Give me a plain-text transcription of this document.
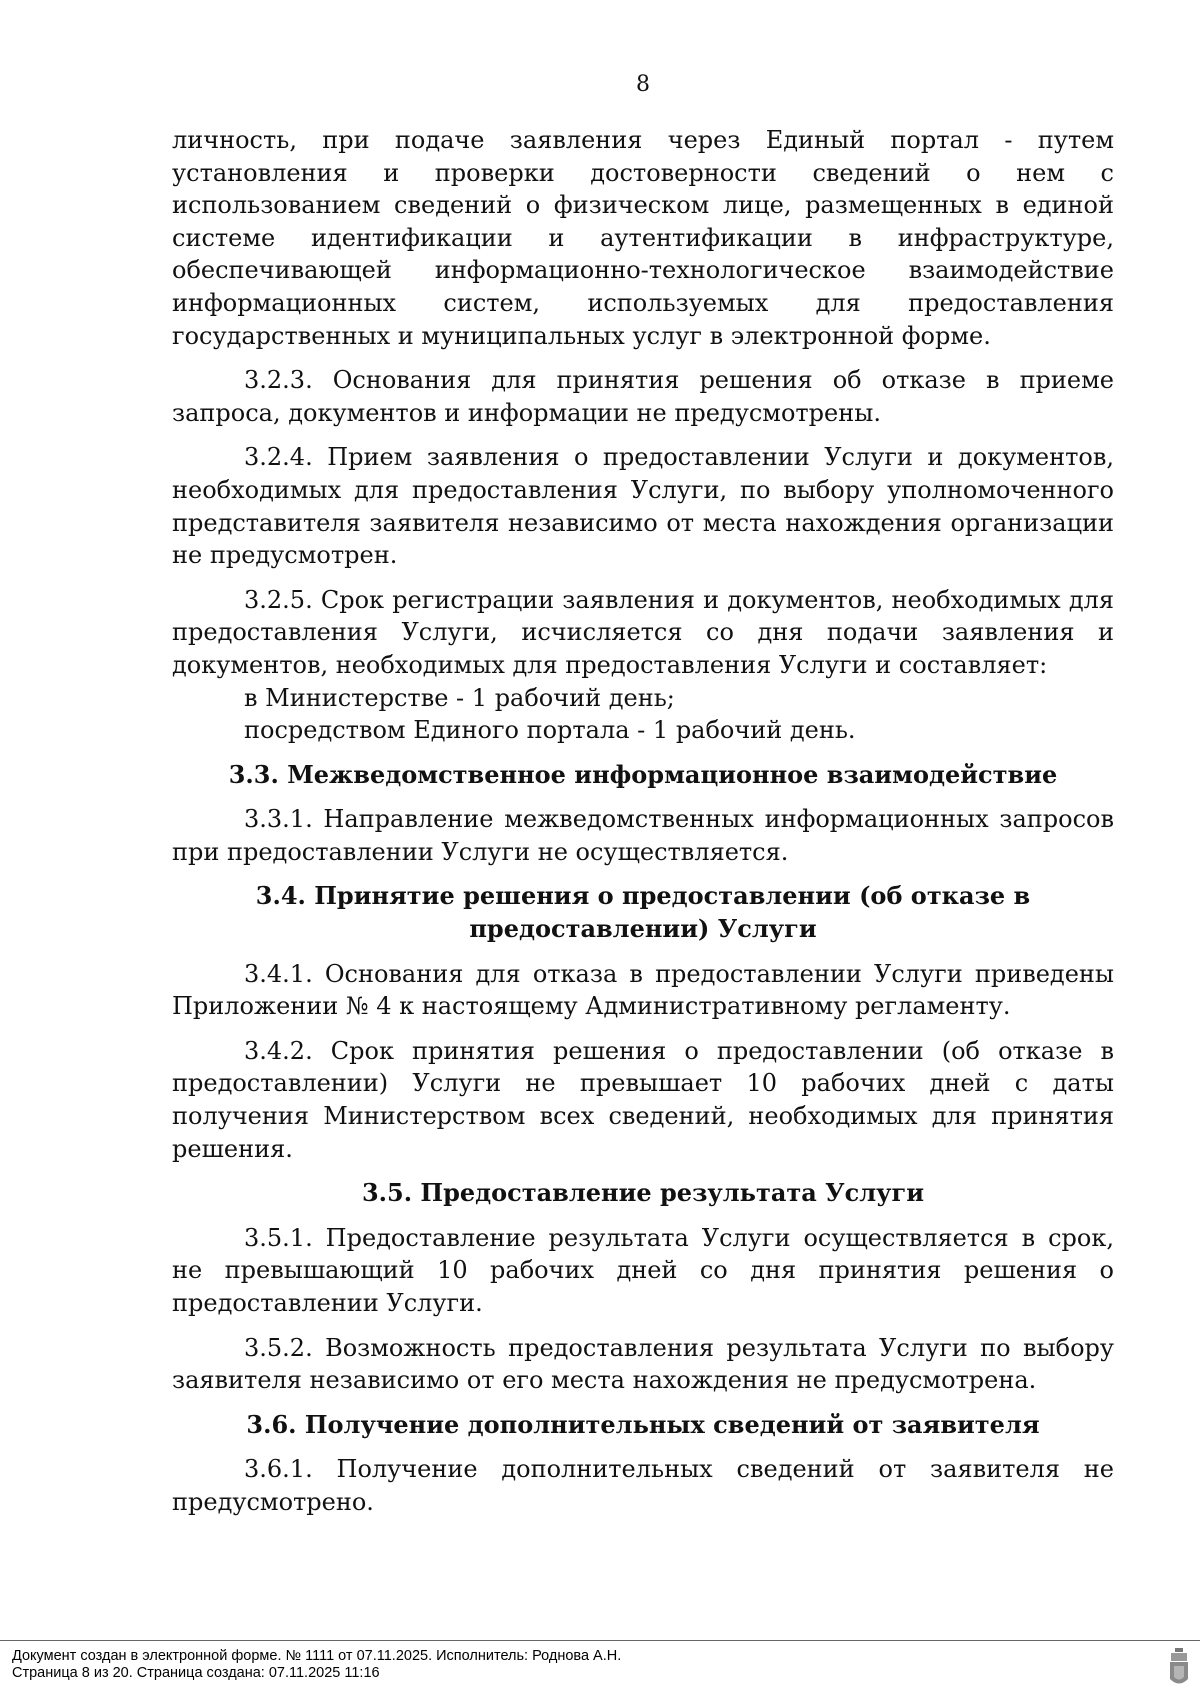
8

личность, при подаче заявления через Единый портал - путем установления и проверки достоверности сведений о нем с использованием сведений о физическом лице, размещенных в единой системе идентификации и аутентификации в инфраструктуре, обеспечивающей информационно-технологическое взаимодействие информационных систем, используемых для предоставления государственных и муниципальных услуг в электронной форме.

3.2.3. Основания для принятия решения об отказе в приеме запроса, документов и информации не предусмотрены.

3.2.4. Прием заявления о предоставлении Услуги и документов, необходимых для предоставления Услуги, по выбору уполномоченного представителя заявителя независимо от места нахождения организации не предусмотрен.

3.2.5. Срок регистрации заявления и документов, необходимых для предоставления Услуги, исчисляется со дня подачи заявления и документов, необходимых для предоставления Услуги и составляет:

в Министерстве - 1 рабочий день;

посредством Единого портала - 1 рабочий день.

3.3. Межведомственное информационное взаимодействие

3.3.1. Направление межведомственных информационных запросов при предоставлении Услуги не осуществляется.

3.4. Принятие решения о предоставлении (об отказе в предоставлении) Услуги

3.4.1. Основания для отказа в предоставлении Услуги приведены Приложении № 4 к настоящему Административному регламенту.

3.4.2. Срок принятия решения о предоставлении (об отказе в предоставлении) Услуги не превышает 10 рабочих дней с даты получения Министерством всех сведений, необходимых для принятия решения.

3.5. Предоставление результата Услуги

3.5.1. Предоставление результата Услуги осуществляется в срок, не превышающий 10 рабочих дней со дня принятия решения о предоставлении Услуги.

3.5.2. Возможность предоставления результата Услуги по выбору заявителя независимо от его места нахождения не предусмотрена.

3.6. Получение дополнительных сведений от заявителя

3.6.1. Получение дополнительных сведений от заявителя не предусмотрено.

Документ создан в электронной форме. № 1111 от 07.11.2025. Исполнитель: Роднова А.Н.
Страница 8 из 20. Страница создана: 07.11.2025 11:16
